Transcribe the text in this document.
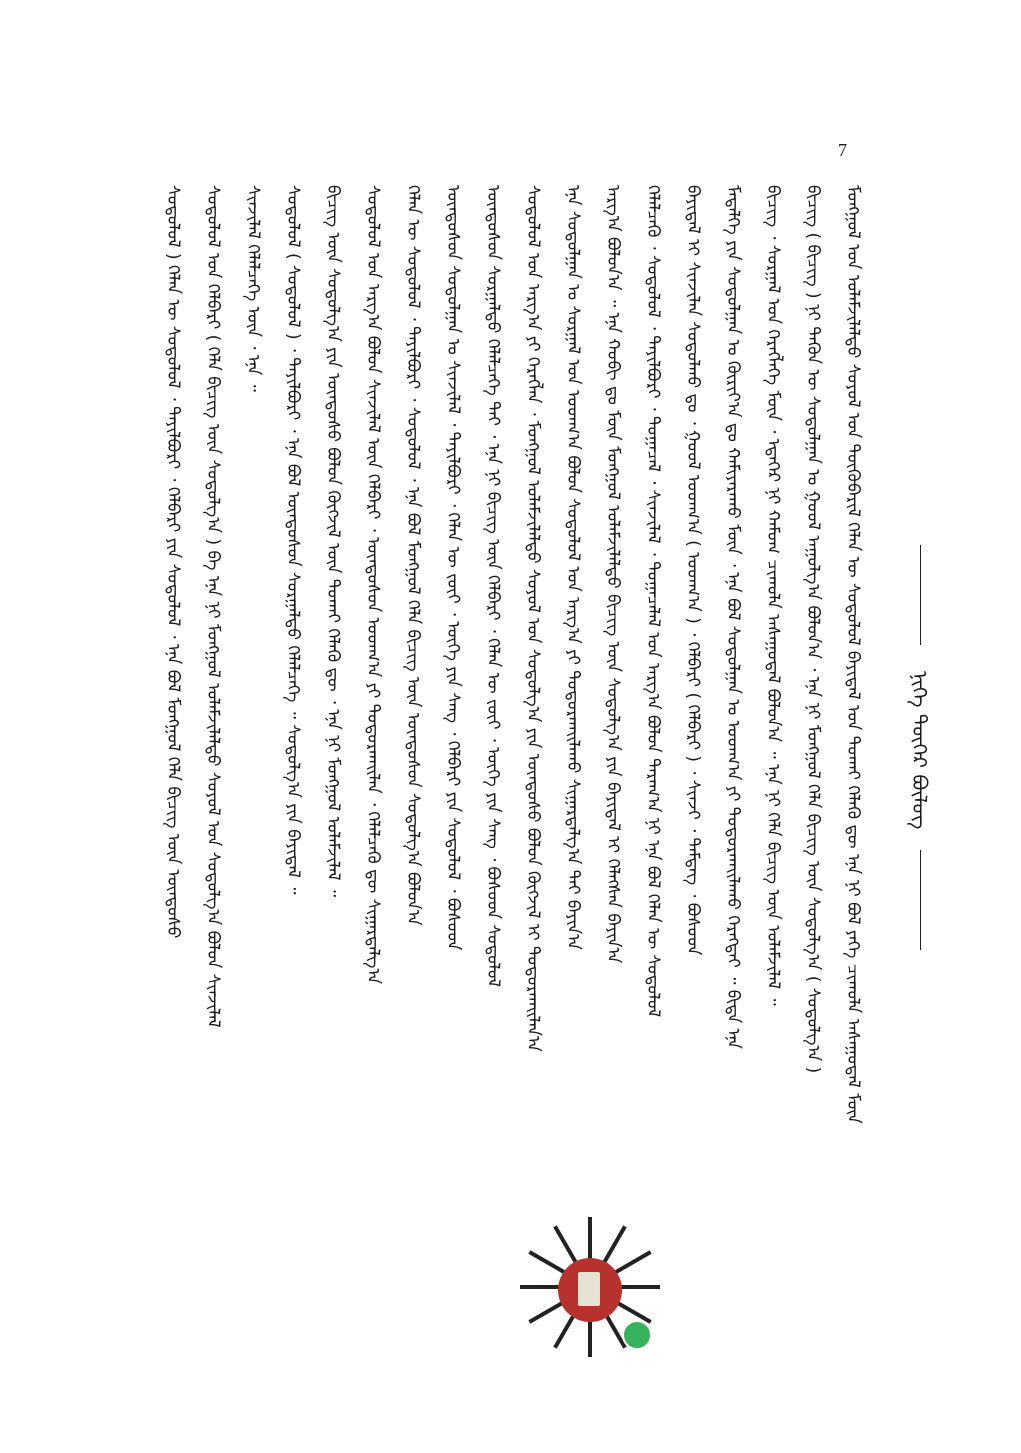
7
ᠨᠢᠭᠡ ᠳᠦᠭᠡᠷ ᠪᠦᠯᠦᠭ
ᠮᠣᠩᠭᠣᠯ ᠤᠨ ᠤᠯᠠᠮᠵᠢᠯᠠᠯᠳᠤ ᠰᠤᠶᠤᠯ ᠤᠨ ᠲᠦᠭᠦᠪᠡᠷᠢᠯ ᠬᠡᠯᠡᠨ ᠦ ᠰᠤᠳᠤᠯᠤᠯ ᠪᠠᠶᠢᠳᠠᠯ ᠤᠨ ᠲᠤᠬᠠᠢ ᠬᠡᠯᠡᠬᠦ ᠳᠦ ᠡᠨᠡ ᠨᠢ ᠪᠣᠯ ᠶᠡᠬᠡ ᠴᠢᠬᠤᠯᠠ ᠠᠰᠠᠭᠤᠳᠠᠯ ᠮᠥᠨ
ᠪᠢᠴᠢᠭ᠌ ( ᠪᠢᠴᠢᠭ᠌ ) ᠨᠢ ᠲᠡᠭᠦᠨ ᠦ ᠰᠤᠳᠤᠯᠭᠠᠨ ᠤ ᠭᠣᠣᠯ ᠠᠭᠤᠯᠭ᠎ᠠ ᠪᠣᠯᠤᠨ᠎ᠠ ᠂ ᠡᠨᠡ ᠨᠢ ᠮᠣᠩᠭᠣᠯ ᠬᠡᠯᠡ ᠪᠢᠴᠢᠭ᠌ ᠦᠨ ᠰᠤᠳᠤᠯᠭ᠎ᠠ ( ᠰᠤᠳᠤᠯᠭ᠎ᠠ )
ᠪᠢᠴᠢᠭ᠌ ᠂ ᠰᠤᠷᠭᠠᠯ ᠤᠨ ᠬᠡᠷᠡᠭᠯᠡᠭᠡ ᠮᠥᠨ ᠂ ᠡᠳᠡᠭᠡᠷ ᠨᠢ ᠬᠠᠮᠤᠭ ᠴᠢᠬᠤᠯᠠ ᠠᠰᠠᠭᠤᠳᠠᠯ ᠪᠣᠯᠤᠨ᠎ᠠ ᠃ ᠡᠨᠡ ᠨᠢ ᠬᠡᠯᠡ ᠪᠢᠴᠢᠭ᠌ ᠦᠨ ᠤᠯᠠᠮᠵᠢᠯᠠᠯ ᠃
ᠮᠡᠳᠡᠯᠭᠡ ᠶᠢᠨ ᠰᠤᠳᠤᠯᠭᠠᠨ ᠤ ᠬᠦᠷᠢᠶ᠎ᠠ ᠳᠤ ᠬᠠᠮᠢᠶᠠᠷᠠᠬᠤ ᠮᠥᠨ ᠂ ᠡᠨᠡ ᠪᠣᠯ ᠰᠤᠳᠤᠯᠭᠠᠨ ᠤ ᠤᠳᠬ᠎ᠠ ᠶᠢ ᠲᠣᠳᠣᠷᠬᠠᠢᠯᠠᠬᠤ ᠬᠡᠷᠡᠭᠲᠡᠢ ᠃ ᠪᠢᠳᠡ ᠡᠨᠡ
ᠪᠠᠶᠢᠳᠠᠯ ᠢ ᠰᠢᠨᠵᠢᠯᠡᠨ ᠰᠤᠳᠤᠯᠬᠤ ᠳᠤ ᠂ ᠭᠣᠣᠯ ᠤᠳᠬ᠎ᠠ ( ᠤᠳᠬ᠎ᠠ ) ᠂ ᠬᠡᠯᠪᠡᠷᠢ ( ᠬᠡᠯᠪᠡᠷᠢ ) ᠂ ᠰᠢᠨᠵᠢ ᠂ ᠲᠡᠮᠳᠡᠭ ᠂ ᠪᠤᠰᠤᠳ
ᠬᠡᠯᠡᠯᠴᠡᠬᠦ ᠂ ᠰᠤᠳᠤᠯᠤᠯ ᠂ ᠲᠠᠶᠢᠯᠪᠤᠷᠢ ᠂ ᠲᠣᠭᠠᠴᠠᠯ ᠂ ᠰᠢᠨᠵᠢᠯᠡᠯ ᠂ ᠲᠣᠭᠠᠴᠠᠯᠠᠯ ᠤᠨ ᠠᠷᠭ᠎ᠠ ᠪᠣᠯᠤᠨ ᠳᠠᠷᠠᠭ᠎ᠠ ᠨᠢ ᠡᠨᠡ ᠪᠣᠯ ᠬᠡᠯᠡᠨ ᠦ ᠰᠤᠳᠤᠯᠤᠯ
ᠠᠷᠭ᠎ᠠ ᠪᠣᠯᠤᠨ᠎ᠠ ᠃ ᠡᠨᠡ ᠬᠤᠪᠢ ᠳᠤ ᠮᠥᠨ ᠮᠣᠩᠭᠣᠯ ᠤᠯᠠᠮᠵᠢᠯᠠᠯᠳᠤ ᠪᠢᠴᠢᠭ᠌ ᠦᠨ ᠰᠤᠳᠤᠯᠭ᠎ᠠ ᠶᠢᠨ ᠪᠠᠶᠢᠳᠠᠯ ᠢ ᠬᠡᠯᠡᠭᠰᠡᠨ ᠪᠠᠶᠢᠨ᠎ᠠ
ᠡᠨᠡ ᠰᠤᠳᠤᠯᠭᠠᠨ ᠤ ᠰᠤᠷᠭᠠᠯ ᠤᠨ ᠤᠳᠬ᠎ᠠ ᠪᠣᠯᠤᠨ ᠰᠤᠳᠤᠯᠤᠯ ᠤᠨ ᠠᠷᠭ᠎ᠠ ᠶᠢ ᠲᠣᠳᠣᠷᠬᠠᠢᠯᠠᠬᠤ ᠰᠢᠭ᠋ᠠᠷᠳᠠᠯᠭ᠎ᠠ ᠲᠠᠢ ᠪᠠᠶᠢᠨ᠎ᠠ
ᠰᠤᠳᠤᠯᠤᠯ ᠤᠨ ᠠᠷᠭ᠎ᠠ ᠶᠢ ᠬᠡᠷᠡᠭᠯᠡᠨ ᠂ ᠮᠣᠩᠭᠣᠯ ᠤᠯᠠᠮᠵᠢᠯᠠᠯᠳᠤ ᠰᠤᠶᠤᠯ ᠤᠨ ᠰᠤᠳᠤᠯᠭ᠎ᠠ ᠶᠢᠨ ᠦᠨᠳᠦᠰᠦ ᠪᠣᠯᠤᠨ ᠬᠥᠭᠵᠢᠯ ᠢ ᠲᠣᠳᠣᠷᠬᠠᠢᠯᠠᠨ᠎ᠠ
ᠦᠨᠳᠦᠰᠦᠨ ᠰᠤᠷᠭᠠᠯᠲᠤ ᠬᠡᠯᠡᠯᠴᠡᠭᠡ ᠲᠠᠢ ᠂ ᠡᠨᠡ ᠨᠢ ᠪᠢᠴᠢᠭ᠌ ᠦᠨ ᠬᠡᠯᠪᠡᠷᠢ ᠂ ᠬᠡᠯᠡᠨ ᠦ ᠵᠦᠢ ᠂ ᠦᠭᠡ ᠶᠢᠨ ᠰᠠᠩ ᠂ ᠪᠤᠰᠤᠳ ᠰᠤᠳᠤᠯᠤᠯ
ᠦᠨᠳᠦᠰᠦᠨ ᠰᠤᠳᠤᠯᠭᠠᠨ ᠤ ᠰᠢᠨᠵᠢᠯᠡᠯ ᠂ ᠲᠠᠶᠢᠯᠪᠤᠷᠢ ᠂ ᠬᠡᠯᠡᠨ ᠦ ᠵᠦᠢ ᠂ ᠦᠭᠡ ᠶᠢᠨ ᠰᠠᠩ ᠂ ᠬᠡᠯᠪᠡᠷᠢ ᠶᠢᠨ ᠰᠤᠳᠤᠯᠤᠯ ᠂ ᠪᠤᠰᠤᠳ
ᠬᠡᠯᠡᠨ ᠦ ᠰᠤᠳᠤᠯᠤᠯ ᠂ ᠲᠠᠶᠢᠯᠪᠤᠷᠢ ᠂ ᠰᠤᠳᠤᠯᠤᠯ ᠂ ᠡᠨᠡ ᠪᠣᠯ ᠮᠣᠩᠭᠣᠯ ᠬᠡᠯᠡ ᠪᠢᠴᠢᠭ᠌ ᠦᠨ ᠦᠨᠳᠦᠰᠦᠨ ᠰᠤᠳᠤᠯᠭ᠎ᠠ ᠪᠣᠯᠤᠨ᠎ᠠ
ᠰᠤᠳᠤᠯᠤᠯ ᠤᠨ ᠠᠷᠭ᠎ᠠ ᠪᠣᠯᠤᠨ ᠰᠢᠨᠵᠢᠯᠡᠯ ᠦᠨ ᠬᠡᠯᠪᠡᠷᠢ ᠂ ᠦᠨᠳᠦᠰᠦᠨ ᠤᠳᠬ᠎ᠠ ᠶᠢ ᠲᠣᠳᠣᠷᠬᠠᠢᠯᠠᠨ ᠂ ᠬᠡᠯᠡᠯᠴᠡᠬᠦ ᠳᠦ ᠰᠢᠭ᠋ᠠᠷᠳᠠᠯᠭ᠎ᠠ
ᠪᠢᠴᠢᠭ᠌ ᠦᠨ ᠰᠤᠳᠤᠯᠭ᠎ᠠ ᠶᠢᠨ ᠦᠨᠳᠦᠰᠦ ᠪᠣᠯᠤᠨ ᠬᠥᠭᠵᠢᠯ ᠦᠨ ᠲᠤᠬᠠᠢ ᠬᠡᠯᠡᠬᠦ ᠳᠦ ᠂ ᠡᠨᠡ ᠨᠢ ᠮᠣᠩᠭᠣᠯ ᠤᠯᠠᠮᠵᠢᠯᠠᠯ ᠃
ᠰᠤᠳᠤᠯᠤᠯ ( ᠰᠤᠳᠤᠯᠤᠯ ) ᠂ ᠲᠠᠶᠢᠯᠪᠤᠷᠢ ᠂ ᠡᠨᠡ ᠪᠣᠯ ᠦᠨᠳᠦᠰᠦᠨ ᠰᠤᠷᠭᠠᠯᠲᠤ ᠬᠡᠯᠡᠯᠴᠡᠭᠡ ᠃ ᠰᠤᠳᠤᠯᠭ᠎ᠠ ᠶᠢᠨ ᠪᠠᠶᠢᠳᠠᠯ ᠃
ᠰᠢᠨᠵᠢᠯᠡᠯ ᠬᠡᠯᠡᠯᠴᠡᠭᠡ ᠦᠨ ᠂ ᠡᠨᠡ ᠃
ᠰᠤᠳᠤᠯᠤᠯ ᠤᠨ ᠬᠡᠯᠪᠡᠷᠢ ( ᠬᠡᠯᠡ ᠪᠢᠴᠢᠭ᠌ ᠦᠨ ᠰᠤᠳᠤᠯᠭ᠎ᠠ ) ᠪᠠ ᠡᠨᠡ ᠨᠢ ᠮᠣᠩᠭᠣᠯ ᠤᠯᠠᠮᠵᠢᠯᠠᠯᠳᠤ ᠰᠤᠶᠤᠯ ᠤᠨ ᠰᠤᠳᠤᠯᠭ᠎ᠠ ᠪᠣᠯᠤᠨ ᠰᠢᠨᠵᠢᠯᠡᠯ
ᠰᠤᠳᠤᠯᠤᠯ ) ᠬᠡᠯᠡᠨ ᠦ ᠰᠤᠳᠤᠯᠤᠯ ᠂ ᠲᠠᠶᠢᠯᠪᠤᠷᠢ ᠂ ᠬᠡᠯᠪᠡᠷᠢ ᠶᠢᠨ ᠰᠤᠳᠤᠯᠤᠯ ᠂ ᠡᠨᠡ ᠪᠣᠯ ᠮᠣᠩᠭᠣᠯ ᠬᠡᠯᠡ ᠪᠢᠴᠢᠭ᠌ ᠦᠨ ᠦᠨᠳᠦᠰᠦ
